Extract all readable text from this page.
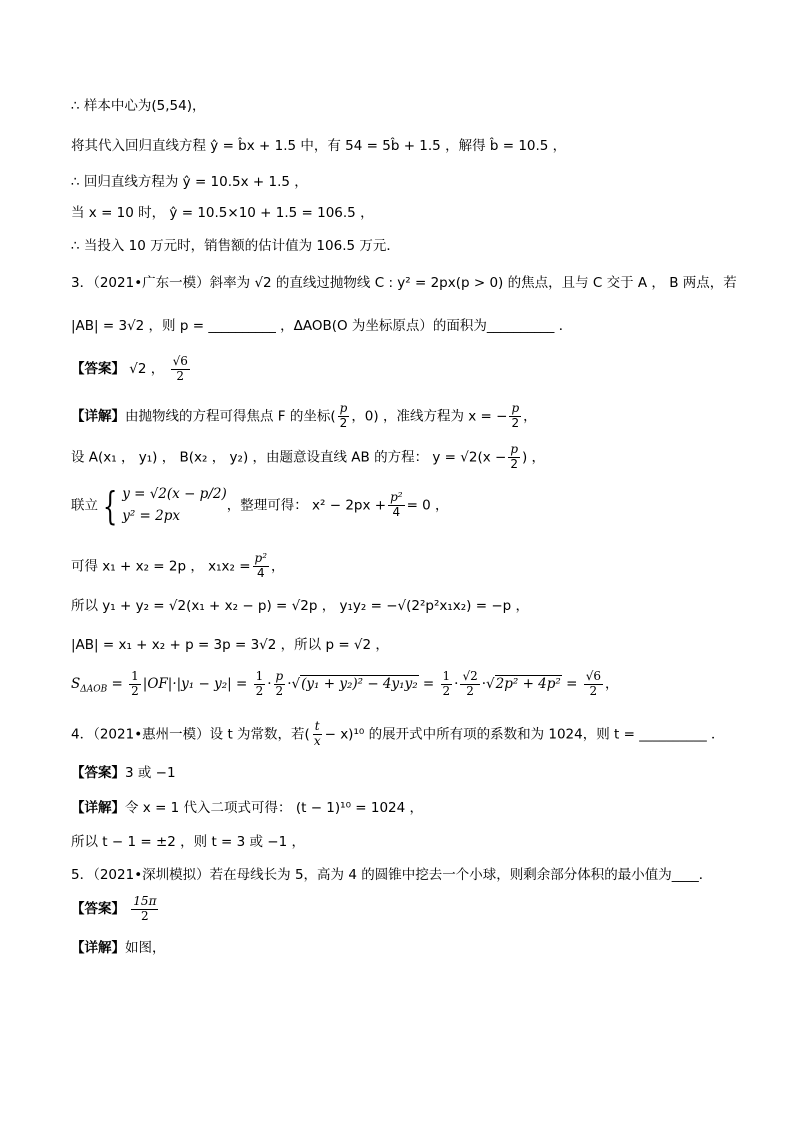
∴ 样本中心为(5,54)，
将其代入回归直线方程 ŷ = b̂x + 1.5 中，有 54 = 5b̂ + 1.5 ，解得 b̂ = 10.5 ，
∴ 回归直线方程为 ŷ = 10.5x + 1.5 ，
当 x = 10 时， ŷ = 10.5×10 + 1.5 = 106.5 ，
∴ 当投入 10 万元时，销售额的估计值为 106.5 万元．
3．（2021•广东一模）斜率为 √2 的直线过抛物线 C : y² = 2px(p > 0) 的焦点，且与 C 交于 A ， B 两点，若
|AB| = 3√2 ，则 p = __________ ，ΔAOB(O 为坐标原点）的面积为__________ ．
【答案】 √2 ， $\frac{√6}{2}$
【详解】由抛物线的方程可得焦点 F 的坐标( $\frac{p}{2}$ ，0) ，准线方程为 x = − $\frac{p}{2}$ ，
设 A(x₁ ， y₁) ， B(x₂ ， y₂) ，由题意设直线 AB 的方程： $y = √2(x - \frac{p}{2}$ ) ，
联立 { y = √2(x − p/2)
y² = 2px
，整理可得： $x^2 - 2px + \frac{\text{p²}}{4} = 0$ ，
可得 x₁ + x₂ = 2p ， $x_1x_2 = \frac{\text{p²}}{4}$ ，
所以 y₁ + y₂ = √2(x₁ + x₂ − p) = √2p ， y₁y₂ = −√(2²p²x₁x₂) = −p ，
|AB| = x₁ + x₂ + p = 3p = 3√2 ，所以 p = √2 ，
$S_{\Delta AOB} = \frac{1}{2} |OF|\cdot|y_1 - y_2| = \frac{1}{2} \cdot \frac{p}{2} \cdot√(y_1 + y_2)^2 - 4y_1y_2 = \frac{1}{2} \cdot \frac{√2}{2} \cdot√2p^2 + 4p^2 = \frac{√6}{2}$ ，
4．（2021•惠州一模）设 t 为常数，若( $\frac{t}{x} - x)^{10}$ 的展开式中所有项的系数和为 1024，则 t = __________ ．
【答案】3 或 −1
【详解】令 x = 1 代入二项式可得： (t − 1)¹⁰ = 1024 ，
所以 t − 1 = ±2 ，则 t = 3 或 −1 ，
5．（2021•深圳模拟）若在母线长为 5，高为 4 的圆锥中挖去一个小球，则剩余部分体积的最小值为____．
【答案】 $\frac{15\pi}{2}$
【详解】如图，
